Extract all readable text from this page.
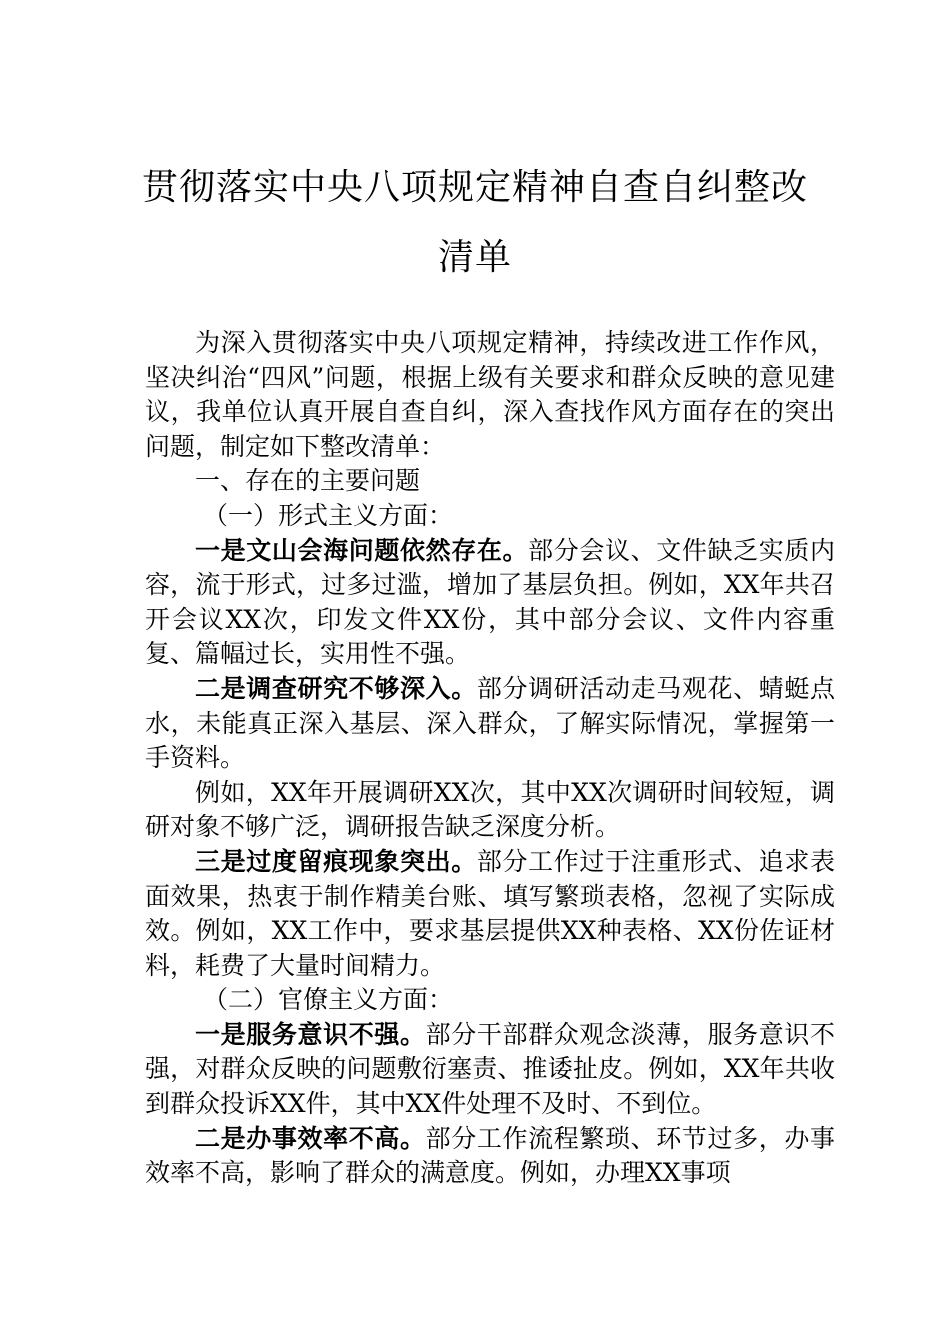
贯彻落实中央八项规定精神自查自纠整改
清单

为深入贯彻落实中央八项规定精神，持续改进工作作风，坚决纠治“四风”问题，根据上级有关要求和群众反映的意见建议，我单位认真开展自查自纠，深入查找作风方面存在的突出问题，制定如下整改清单：

一、存在的主要问题

（一）形式主义方面：

一是文山会海问题依然存在。部分会议、文件缺乏实质内容，流于形式，过多过滥，增加了基层负担。例如，XX年共召开会议XX次，印发文件XX份，其中部分会议、文件内容重复、篇幅过长，实用性不强。

二是调查研究不够深入。部分调研活动走马观花、蜻蜓点水，未能真正深入基层、深入群众，了解实际情况，掌握第一手资料。

例如，XX年开展调研XX次，其中XX次调研时间较短，调研对象不够广泛，调研报告缺乏深度分析。

三是过度留痕现象突出。部分工作过于注重形式、追求表面效果，热衷于制作精美台账、填写繁琐表格，忽视了实际成效。例如，XX工作中，要求基层提供XX种表格、XX份佐证材料，耗费了大量时间精力。

（二）官僚主义方面：

一是服务意识不强。部分干部群众观念淡薄，服务意识不强，对群众反映的问题敷衍塞责、推诿扯皮。例如，XX年共收到群众投诉XX件，其中XX件处理不及时、不到位。

二是办事效率不高。部分工作流程繁琐、环节过多，办事效率不高，影响了群众的满意度。例如，办理XX事项
